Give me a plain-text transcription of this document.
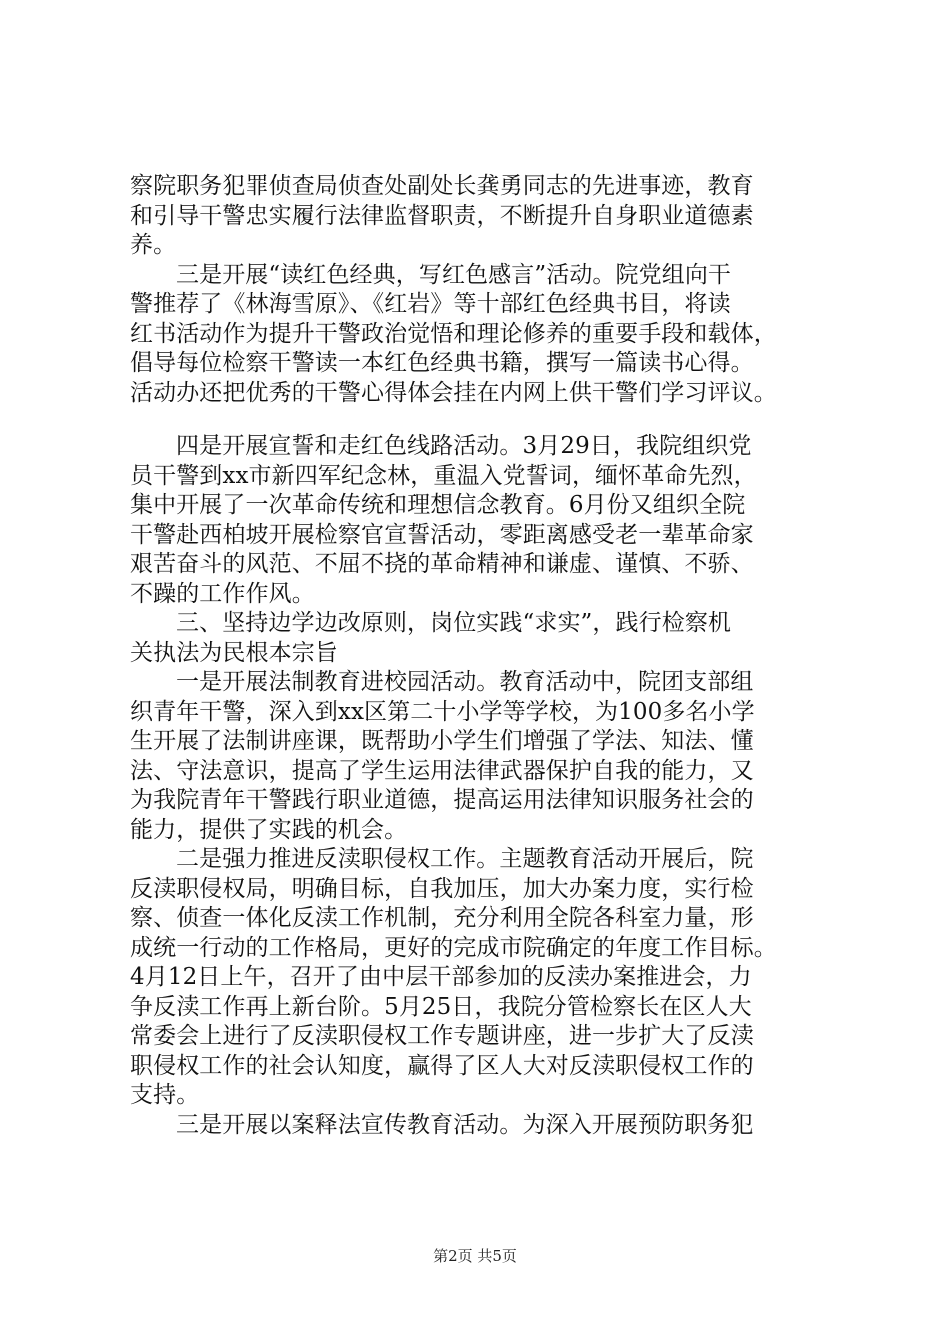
察院职务犯罪侦查局侦查处副处长龚勇同志的先进事迹，教育
和引导干警忠实履行法律监督职责，不断提升自身职业道德素
养。
三是开展“读红色经典，写红色感言”活动。院党组向干
警推荐了《林海雪原》、《红岩》等十部红色经典书目，将读
红书活动作为提升干警政治觉悟和理论修养的重要手段和载体，
倡导每位检察干警读一本红色经典书籍，撰写一篇读书心得。
活动办还把优秀的干警心得体会挂在内网上供干警们学习评议。
四是开展宣誓和走红色线路活动。3月29日，我院组织党
员干警到xx市新四军纪念林，重温入党誓词，缅怀革命先烈，
集中开展了一次革命传统和理想信念教育。6月份又组织全院
干警赴西柏坡开展检察官宣誓活动，零距离感受老一辈革命家
艰苦奋斗的风范、不屈不挠的革命精神和谦虚、谨慎、不骄、
不躁的工作作风。
三、坚持边学边改原则，岗位实践“求实”，践行检察机
关执法为民根本宗旨
一是开展法制教育进校园活动。教育活动中，院团支部组
织青年干警，深入到xx区第二十小学等学校，为100多名小学
生开展了法制讲座课，既帮助小学生们增强了学法、知法、懂
法、守法意识，提高了学生运用法律武器保护自我的能力，又
为我院青年干警践行职业道德，提高运用法律知识服务社会的
能力，提供了实践的机会。
二是强力推进反渎职侵权工作。主题教育活动开展后，院
反渎职侵权局，明确目标，自我加压，加大办案力度，实行检
察、侦查一体化反渎工作机制，充分利用全院各科室力量，形
成统一行动的工作格局，更好的完成市院确定的年度工作目标。
4月12日上午，召开了由中层干部参加的反渎办案推进会，力
争反渎工作再上新台阶。5月25日，我院分管检察长在区人大
常委会上进行了反渎职侵权工作专题讲座，进一步扩大了反渎
职侵权工作的社会认知度，赢得了区人大对反渎职侵权工作的
支持。
三是开展以案释法宣传教育活动。为深入开展预防职务犯
第2页 共5页
